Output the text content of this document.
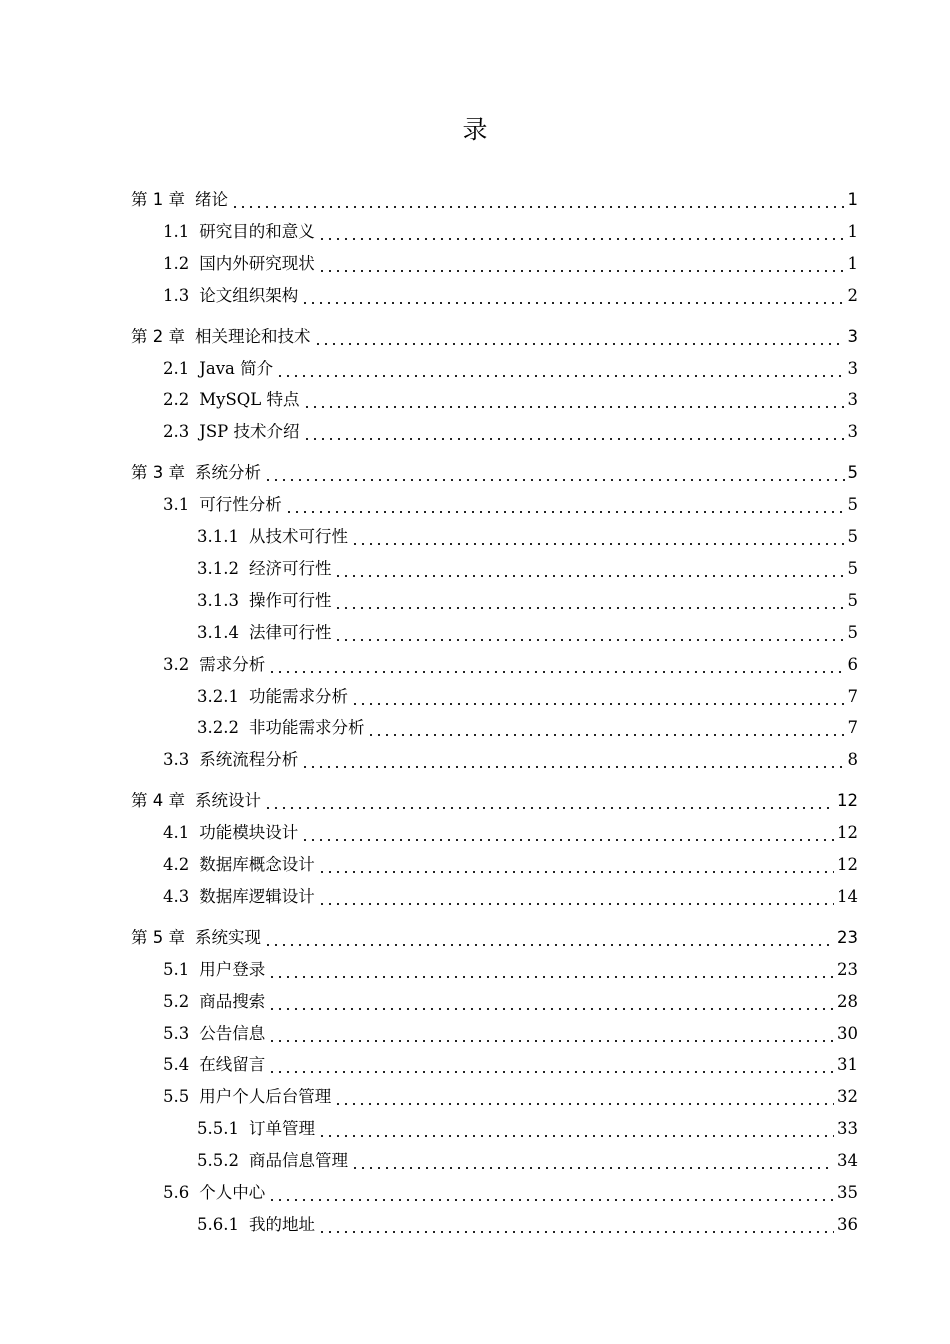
录
第 1 章 绪论	1
1.1 研究目的和意义	1
1.2 国内外研究现状	1
1.3 论文组织架构	2
第 2 章 相关理论和技术	3
2.1 Java 简介	3
2.2 MySQL 特点	3
2.3 JSP 技术介绍	3
第 3 章 系统分析	5
3.1 可行性分析	5
3.1.1 从技术可行性	5
3.1.2 经济可行性	5
3.1.3 操作可行性	5
3.1.4 法律可行性	5
3.2 需求分析	6
3.2.1 功能需求分析	7
3.2.2 非功能需求分析	7
3.3 系统流程分析	8
第 4 章 系统设计	12
4.1 功能模块设计	12
4.2 数据库概念设计	12
4.3 数据库逻辑设计	14
第 5 章 系统实现	23
5.1 用户登录	23
5.2 商品搜索	28
5.3 公告信息	30
5.4 在线留言	31
5.5 用户个人后台管理	32
5.5.1 订单管理	33
5.5.2 商品信息管理	34
5.6 个人中心	35
5.6.1 我的地址	36
